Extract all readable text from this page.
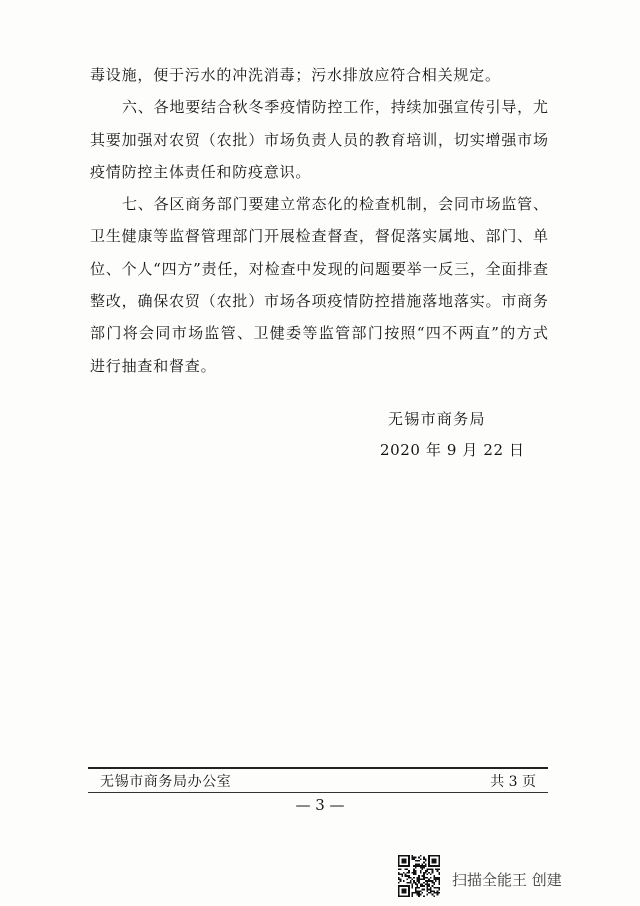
毒设施，便于污水的冲洗消毒；污水排放应符合相关规定。
六、各地要结合秋冬季疫情防控工作，持续加强宣传引导，尤
其要加强对农贸（农批）市场负责人员的教育培训，切实增强市场
疫情防控主体责任和防疫意识。
七、各区商务部门要建立常态化的检查机制，会同市场监管、
卫生健康等监督管理部门开展检查督查，督促落实属地、部门、单
位、个人“四方”责任，对检查中发现的问题要举一反三，全面排查
整改，确保农贸（农批）市场各项疫情防控措施落地落实。市商务
部门将会同市场监管、卫健委等监管部门按照“四不两直”的方式
进行抽查和督查。
无锡市商务局
2020 年 9 月 22 日
无锡市商务局办公室	共 3 页
— 3 —
扫描全能王 创建
